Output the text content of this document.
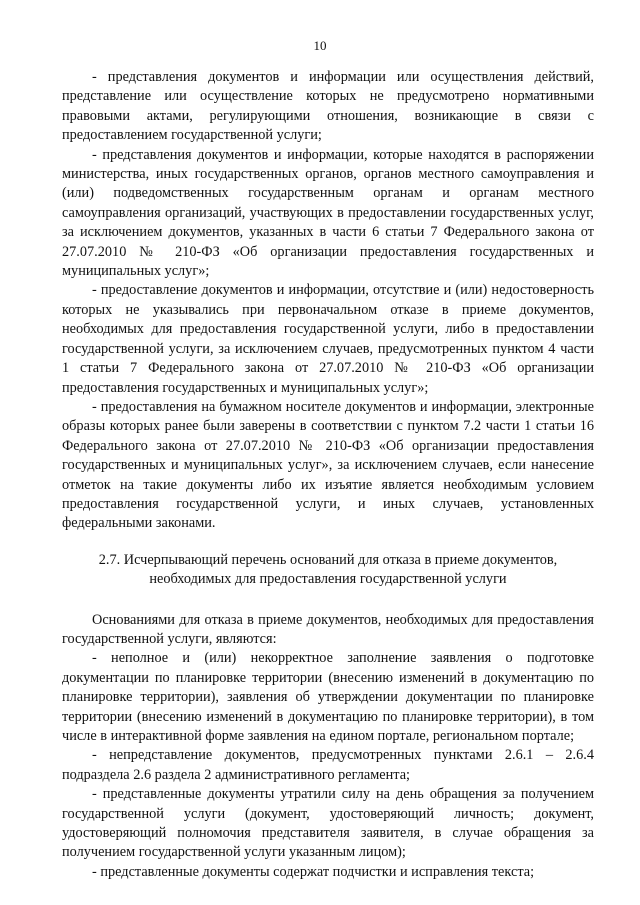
10

- представления документов и информации или осуществления действий, представление или осуществление которых не предусмотрено нормативными правовыми актами, регулирующими отношения, возникающие в связи с предоставлением государственной услуги;

- представления документов и информации, которые находятся в распоряжении министерства, иных государственных органов, органов местного самоуправления и (или) подведомственных государственным органам и органам местного самоуправления организаций, участвующих в предоставлении государственных услуг, за исключением документов, указанных в части 6 статьи 7 Федерального закона от 27.07.2010 № 210-ФЗ «Об организации предоставления государственных и муниципальных услуг»;

- предоставление документов и информации, отсутствие и (или) недостоверность которых не указывались при первоначальном отказе в приеме документов, необходимых для предоставления государственной услуги, либо в предоставлении государственной услуги, за исключением случаев, предусмотренных пунктом 4 части 1 статьи 7 Федерального закона от 27.07.2010 № 210-ФЗ «Об организации предоставления государственных и муниципальных услуг»;

- предоставления на бумажном носителе документов и информации, электронные образы которых ранее были заверены в соответствии с пунктом 7.2 части 1 статьи 16 Федерального закона от 27.07.2010 № 210-ФЗ «Об организации предоставления государственных и муниципальных услуг», за исключением случаев, если нанесение отметок на такие документы либо их изъятие является необходимым условием предоставления государственной услуги, и иных случаев, установленных федеральными законами.

2.7. Исчерпывающий перечень оснований для отказа в приеме документов,
необходимых для предоставления государственной услуги

Основаниями для отказа в приеме документов, необходимых для предоставления государственной услуги, являются:

- неполное и (или) некорректное заполнение заявления о подготовке документации по планировке территории (внесению изменений в документацию по планировке территории), заявления об утверждении документации по планировке территории (внесению изменений в документацию по планировке территории), в том числе в интерактивной форме заявления на едином портале, региональном портале;

- непредставление документов, предусмотренных пунктами 2.6.1 – 2.6.4 подраздела 2.6 раздела 2 административного регламента;

- представленные документы утратили силу на день обращения за получением государственной услуги (документ, удостоверяющий личность; документ, удостоверяющий полномочия представителя заявителя, в случае обращения за получением государственной услуги указанным лицом);

- представленные документы содержат подчистки и исправления текста;
